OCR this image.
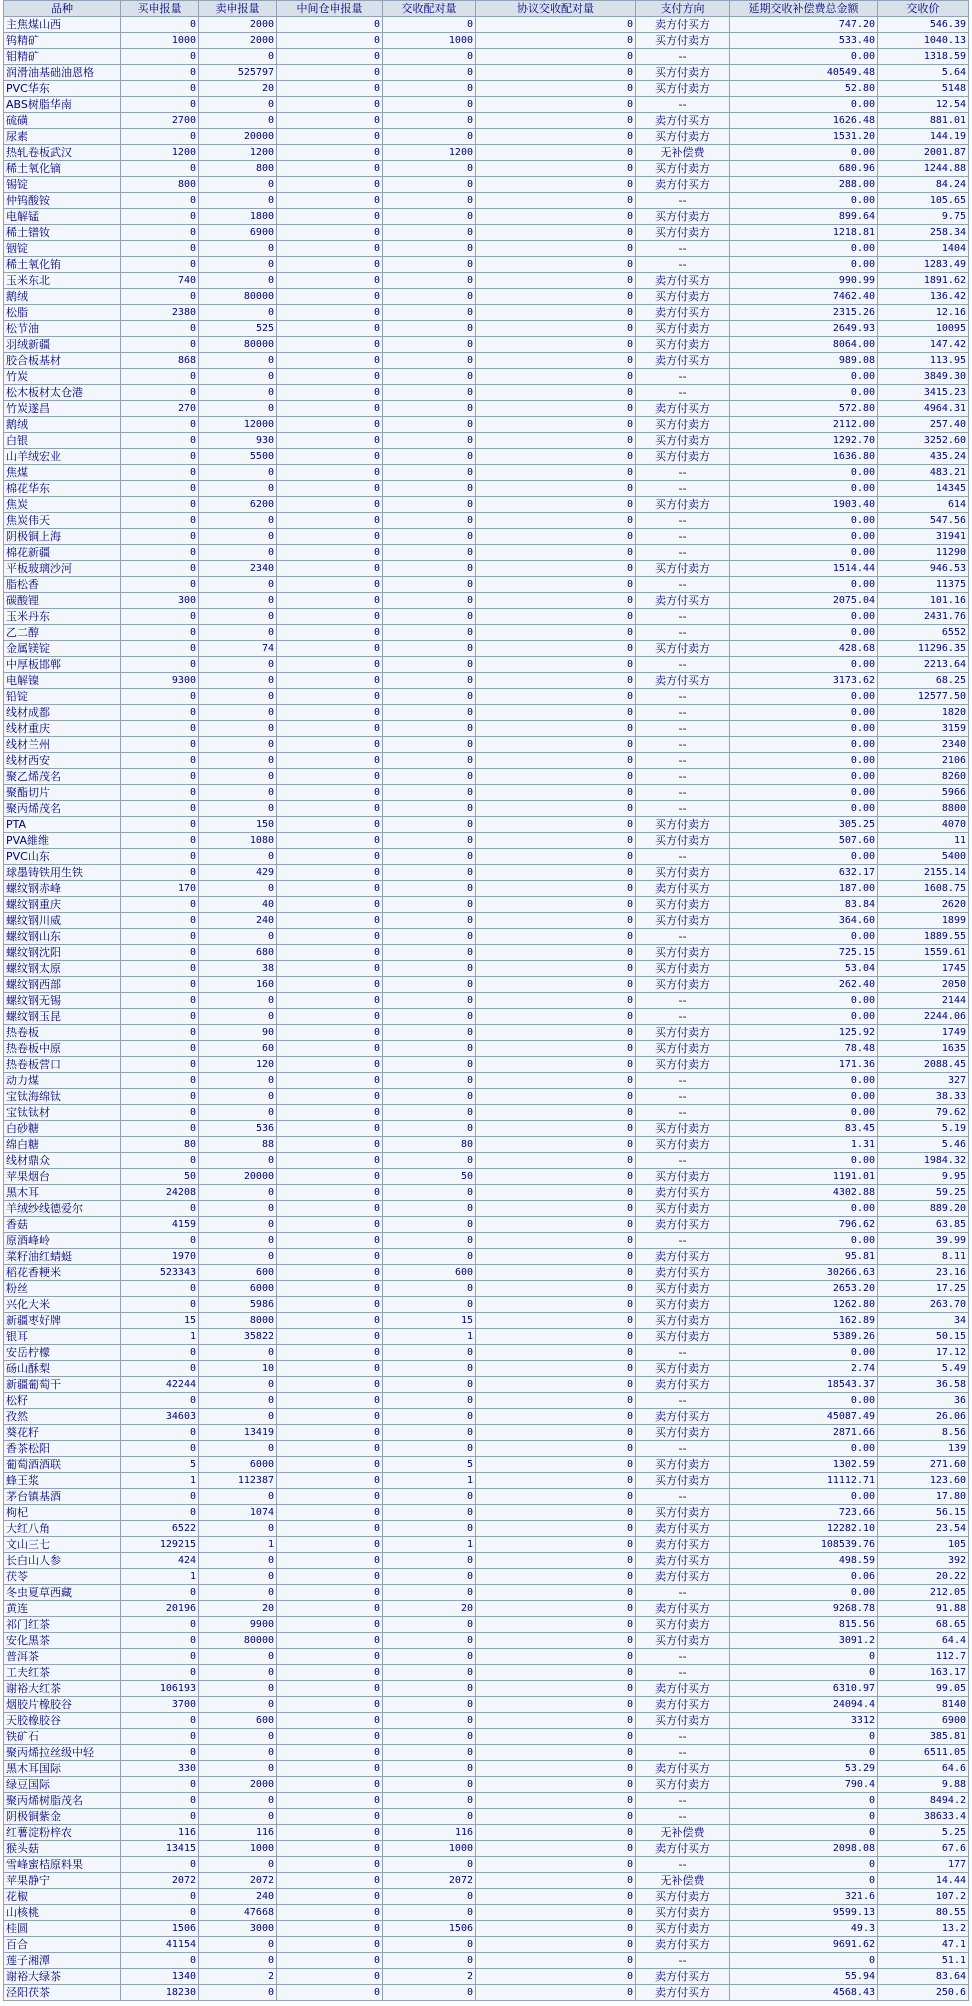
品种	买申报量	卖申报量	中间仓申报量	交收配对量	协议交收配对量	支付方向	延期交收补偿费总金额	交收价
主焦煤山西	0	2000	0	0	0	卖方付买方	747.20	546.39
钨精矿	1000	2000	0	1000	0	买方付卖方	533.40	1040.13
钼精矿	0	0	0	0	0	--	0.00	1318.59
润滑油基础油恩格	0	525797	0	0	0	买方付卖方	40549.48	5.64
PVC华东	0	20	0	0	0	买方付卖方	52.80	5148
ABS树脂华南	0	0	0	0	0	--	0.00	12.54
硫磺	2700	0	0	0	0	卖方付买方	1626.48	881.01
尿素	0	20000	0	0	0	买方付卖方	1531.20	144.19
热轧卷板武汉	1200	1200	0	1200	0	无补偿费	0.00	2001.87
稀土氧化镝	0	800	0	0	0	买方付卖方	680.96	1244.88
锡锭	800	0	0	0	0	卖方付买方	288.00	84.24
仲钨酸铵	0	0	0	0	0	--	0.00	105.65
电解锰	0	1800	0	0	0	买方付卖方	899.64	9.75
稀土镨钕	0	6900	0	0	0	买方付卖方	1218.81	258.34
铟锭	0	0	0	0	0	--	0.00	1404
稀土氧化铕	0	0	0	0	0	--	0.00	1283.49
玉米东北	740	0	0	0	0	卖方付买方	990.99	1891.62
鹅绒	0	80000	0	0	0	买方付卖方	7462.40	136.42
松脂	2380	0	0	0	0	卖方付买方	2315.26	12.16
松节油	0	525	0	0	0	买方付卖方	2649.93	10095
羽绒新疆	0	80000	0	0	0	买方付卖方	8064.00	147.42
胶合板基材	868	0	0	0	0	卖方付买方	989.08	113.95
竹炭	0	0	0	0	0	--	0.00	3849.30
松木板材太仓港	0	0	0	0	0	--	0.00	3415.23
竹炭遂昌	270	0	0	0	0	卖方付买方	572.80	4964.31
鹅绒	0	12000	0	0	0	买方付卖方	2112.00	257.40
白银	0	930	0	0	0	买方付卖方	1292.70	3252.60
山羊绒宏业	0	5500	0	0	0	买方付卖方	1636.80	435.24
焦煤	0	0	0	0	0	--	0.00	483.21
棉花华东	0	0	0	0	0	--	0.00	14345
焦炭	0	6200	0	0	0	买方付卖方	1903.40	614
焦炭伟天	0	0	0	0	0	--	0.00	547.56
阴极铜上海	0	0	0	0	0	--	0.00	31941
棉花新疆	0	0	0	0	0	--	0.00	11290
平板玻璃沙河	0	2340	0	0	0	买方付卖方	1514.44	946.53
脂松香	0	0	0	0	0	--	0.00	11375
碳酸锂	300	0	0	0	0	卖方付买方	2075.04	101.16
玉米丹东	0	0	0	0	0	--	0.00	2431.76
乙二醇	0	0	0	0	0	--	0.00	6552
金属镁锭	0	74	0	0	0	买方付卖方	428.68	11296.35
中厚板邯郸	0	0	0	0	0	--	0.00	2213.64
电解镍	9300	0	0	0	0	卖方付买方	3173.62	68.25
铅锭	0	0	0	0	0	--	0.00	12577.50
线材成都	0	0	0	0	0	--	0.00	1820
线材重庆	0	0	0	0	0	--	0.00	3159
线材兰州	0	0	0	0	0	--	0.00	2340
线材西安	0	0	0	0	0	--	0.00	2106
聚乙烯茂名	0	0	0	0	0	--	0.00	8260
聚酯切片	0	0	0	0	0	--	0.00	5966
聚丙烯茂名	0	0	0	0	0	--	0.00	8800
PTA	0	150	0	0	0	买方付卖方	305.25	4070
PVA維维	0	1080	0	0	0	买方付卖方	507.60	11
PVC山东	0	0	0	0	0	--	0.00	5400
球墨铸铁用生铁	0	429	0	0	0	买方付卖方	632.17	2155.14
螺纹钢赤峰	170	0	0	0	0	卖方付买方	187.00	1608.75
螺纹钢重庆	0	40	0	0	0	买方付卖方	83.84	2620
螺纹钢川威	0	240	0	0	0	买方付卖方	364.60	1899
螺纹钢山东	0	0	0	0	0	--	0.00	1889.55
螺纹钢沈阳	0	680	0	0	0	买方付卖方	725.15	1559.61
螺纹钢太原	0	38	0	0	0	买方付卖方	53.04	1745
螺纹钢西部	0	160	0	0	0	买方付卖方	262.40	2050
螺纹钢无锡	0	0	0	0	0	--	0.00	2144
螺纹钢玉昆	0	0	0	0	0	--	0.00	2244.06
热卷板	0	90	0	0	0	买方付卖方	125.92	1749
热卷板中原	0	60	0	0	0	买方付卖方	78.48	1635
热卷板营口	0	120	0	0	0	买方付卖方	171.36	2088.45
动力煤	0	0	0	0	0	--	0.00	327
宝钛海绵钛	0	0	0	0	0	--	0.00	38.33
宝钛钛材	0	0	0	0	0	--	0.00	79.62
白砂糖	0	536	0	0	0	买方付卖方	83.45	5.19
绵白糖	80	88	0	80	0	买方付卖方	1.31	5.46
线材鼎众	0	0	0	0	0	--	0.00	1984.32
苹果烟台	50	20000	0	50	0	买方付卖方	1191.01	9.95
黑木耳	24208	0	0	0	0	卖方付买方	4302.88	59.25
羊绒纱线德爱尔	0	0	0	0	0	买方付卖方	0.00	889.20
香菇	4159	0	0	0	0	卖方付买方	796.62	63.85
原酒峰岭	0	0	0	0	0	--	0.00	39.99
菜籽油红蜻蜓	1970	0	0	0	0	卖方付买方	95.81	8.11
稻花香粳米	523343	600	0	600	0	卖方付买方	30266.63	23.16
粉丝	0	6000	0	0	0	买方付卖方	2653.20	17.25
兴化大米	0	5986	0	0	0	买方付卖方	1262.80	263.70
新疆枣好牌	15	8000	0	15	0	买方付卖方	162.89	34
银耳	1	35822	0	1	0	买方付卖方	5389.26	50.15
安岳柠檬	0	0	0	0	0	--	0.00	17.12
砀山酥梨	0	10	0	0	0	买方付卖方	2.74	5.49
新疆葡萄干	42244	0	0	0	0	卖方付买方	18543.37	36.58
松籽	0	0	0	0	0	--	0.00	36
孜然	34603	0	0	0	0	卖方付买方	45087.49	26.06
葵花籽	0	13419	0	0	0	买方付卖方	2871.66	8.56
香茶松阳	0	0	0	0	0	--	0.00	139
葡萄酒酒联	5	6000	0	5	0	买方付卖方	1302.59	271.60
蜂王浆	1	112387	0	1	0	买方付卖方	11112.71	123.60
茅台镇基酒	0	0	0	0	0	--	0.00	17.80
枸杞	0	1074	0	0	0	买方付卖方	723.66	56.15
大红八角	6522	0	0	0	0	卖方付买方	12282.10	23.54
文山三七	129215	1	0	1	0	卖方付买方	108539.76	105
长白山人参	424	0	0	0	0	卖方付买方	498.59	392
茯苓	1	0	0	0	0	卖方付买方	0.06	20.22
冬虫夏草西藏	0	0	0	0	0	--	0.00	212.05
黄连	20196	20	0	20	0	卖方付买方	9268.78	91.88
祁门红茶	0	9900	0	0	0	买方付卖方	815.56	68.65
安化黑茶	0	80000	0	0	0	买方付卖方	3091.2	64.4
普洱茶	0	0	0	0	0	--	0	112.7
工夫红茶	0	0	0	0	0	--	0	163.17
谢裕大红茶	106193	0	0	0	0	卖方付买方	6310.97	99.05
烟胶片橡胶谷	3700	0	0	0	0	卖方付买方	24094.4	8140
天胶橡胶谷	0	600	0	0	0	买方付卖方	3312	6900
铁矿石	0	0	0	0	0	--	0	385.81
聚丙烯拉丝级中轻	0	0	0	0	0	--	0	6511.05
黑木耳国际	330	0	0	0	0	卖方付买方	53.29	64.6
绿豆国际	0	2000	0	0	0	买方付卖方	790.4	9.88
聚丙烯树脂茂名	0	0	0	0	0	--	0	8494.2
阴极铜紫金	0	0	0	0	0	--	0	38633.4
红薯淀粉梓农	116	116	0	116	0	无补偿费	0	5.25
猴头菇	13415	1000	0	1000	0	卖方付买方	2098.08	67.6
雪峰蜜桔原料果	0	0	0	0	0	--	0	177
苹果静宁	2072	2072	0	2072	0	无补偿费	0	14.44
花椒	0	240	0	0	0	买方付卖方	321.6	107.2
山核桃	0	47668	0	0	0	买方付卖方	9599.13	80.55
桂圆	1506	3000	0	1506	0	买方付卖方	49.3	13.2
百合	41154	0	0	0	0	卖方付买方	9691.62	47.1
莲子湘潭	0	0	0	0	0	--	0	51.1
谢裕大绿茶	1340	2	0	2	0	卖方付买方	55.94	83.64
泾阳茯茶	18230	0	0	0	0	卖方付买方	4568.43	250.6
